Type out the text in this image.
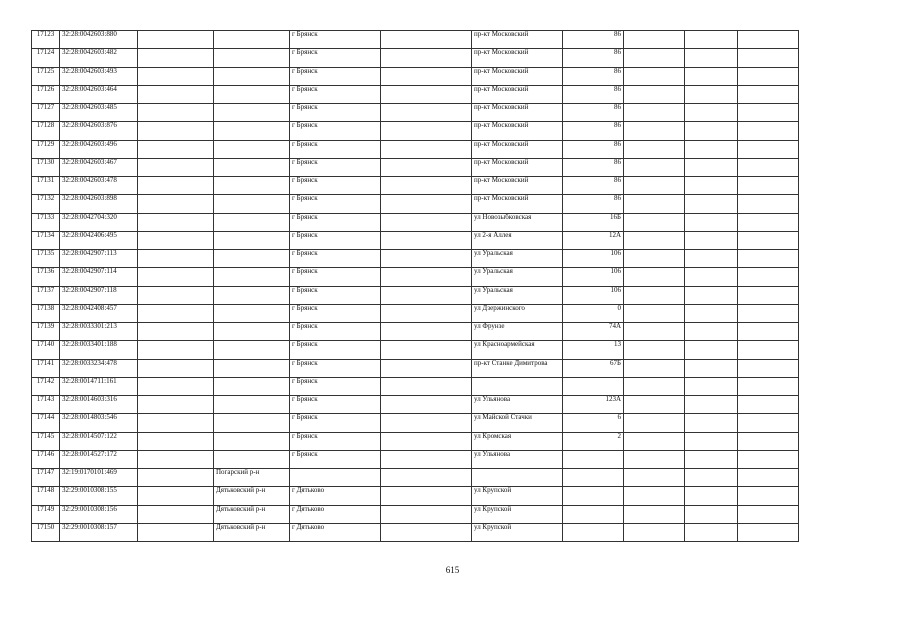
17123	32:28:0042603:880			г Брянск		пр-кт Московский	86			
17124	32:28:0042603:482			г Брянск		пр-кт Московский	86			
17125	32:28:0042603:493			г Брянск		пр-кт Московский	86			
17126	32:28:0042603:464			г Брянск		пр-кт Московский	86			
17127	32:28:0042603:485			г Брянск		пр-кт Московский	86			
17128	32:28:0042603:876			г Брянск		пр-кт Московский	86			
17129	32:28:0042603:496			г Брянск		пр-кт Московский	86			
17130	32:28:0042603:467			г Брянск		пр-кт Московский	86			
17131	32:28:0042603:478			г Брянск		пр-кт Московский	86			
17132	32:28:0042603:898			г Брянск		пр-кт Московский	86			
17133	32:28:0042704:320			г Брянск		ул Новозыбковская	16Б			
17134	32:28:0042406:495			г Брянск		ул 2-я Аллея	12А			
17135	32:28:0042907:113			г Брянск		ул Уральская	106			
17136	32:28:0042907:114			г Брянск		ул Уральская	106			
17137	32:28:0042907:118			г Брянск		ул Уральская	106			
17138	32:28:0042408:457			г Брянск		ул Дзержинского	0			
17139	32:28:0033301:213			г Брянск		ул Фрунзе	74А			
17140	32:28:0033401:188			г Брянск		ул Красноармейская	13			
17141	32:28:0033234:478			г Брянск		пр-кт Станке Димитрова	67Б			
17142	32:28:0014711:161			г Брянск						
17143	32:28:0014603:316			г Брянск		ул Ульянова	123А			
17144	32:28:0014803:546			г Брянск		ул Майской Стачки	6			
17145	32:28:0014507:122			г Брянск		ул Кромская	2			
17146	32:28:0014527:172			г Брянск		ул Ульянова				
17147	32:19:0170101:469		Погарский р-н							
17148	32:29:0010308:155		Дятьковский р-н	г Дятьково		ул Крупской				
17149	32:29:0010308:156		Дятьковский р-н	г Дятьково		ул Крупской				
17150	32:29:0010308:157		Дятьковский р-н	г Дятьково		ул Крупской				
615
